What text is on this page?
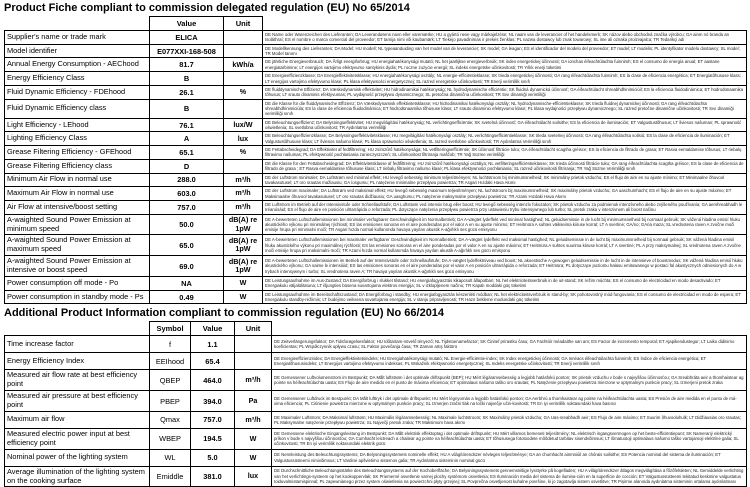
Product Fiche compliant to commission delegated regulation (EU) No 65/2014
	Value	Unit	
Supplier's name or trade mark	ELICA		DE Name oder Warenzeichen des Lieferanten; DA Leverandørens navn eller varemærke; HU a gyártó neve vagy márkajelzése; NL naam van de leverancier of het handelsmerk; SK názov alebo obchodná značka výrobcu; GA ainm nó branda an tsoláthraí; ES el nombre o marca comercial del proveedor; ET tarnija nimi või kaubamärk; LT Tiekėjo pavadinimas ir prekės ženklas; PL nazwa dostawcy lub znak towarowy; SL ime ali oznaka proizvajalca; TR Tedarikçi adı
Model identifier	E077XXI-168-508		DE Modellkennung des Lieferanten; DA Model; HU modell; NL typeaanduiding van het model van de leverancier; SK model; GA leagan; ES el identificador del modelo del proveedor; ET mudel; LT modelis; PL identyfikator modelu dostawcy; SL model; TR Model tanımı
Annual Energy Consumption - AEChood	81.7	kWh/a	DE jährliche Energieverbrauch; DA Årligt energiforbrug; HU energiahatékonysági mutató; NL het jaarlijkse energieverbruik; SK index energetickej účinnosti; GA ionchas éifeachtúlachta fuinnimh; ES el consumo de energía anual; ET aastane energiatarbimine; LT energijos vartojimo efektyvumo santykinis dydis; PL roczne zużycie energii; SL indeks energetske učinkovitosti; TR Yıllık enerji tüketimi
Energy Efficiency Class	B		DE Energieeffizienzklasse; DA Energieffektivitetsklasse; HU energiahatékonysági osztály; NL energie-efficiëntieklasse; SK trieda energetickej účinnosti; GA rang éifeachtúlachta fuinnimh; ES la clase de eficiencia energética; ET Energiatõhususe klass; LT energijos vartojimo efektyvumo klasė; PL klasa efektywności energetycznej; SL razred energetske učinkovitosti; TR Enerji verimlilik sınıfı
Fluid Dynamic Efficiency - FDEhood	26.1	%	DE fluiddynamische Effizienz; DA Væskedynamisk effektivitet; HU hidrodinamikai hatékonyság; NL hydrodynamische efficiëntie; SK fluidná dynamická účinnosť; GA éifeachtúlacht shreabhdhinimiciúil; ES la eficiencia fluidodinámica; ET hüdrodünaamika tõhusus; LT srauto dinaminis efektyvumas; PL wydajność przepływu dynamicznego; SL pretočna dinamična učinkovitost; TR Sıvı dinamiği verimliliği
Fluid Dynamic Efficiency class	B		DE die Klasse für die fluiddynamische Effizienz; DA Væskedynamisk effektivitetsklasse; HU hidrodinamikai hatékonysági osztály; NL hydrodynamische-efficiëntieklasse; SK trieda fluidnej dynamickej účinnosti; GA rang éifeachtúlachta shreabhdhinimiciúla; ES la clase de eficiencia fluidodinámica; ET hüdrodünaamika tõhususe klass; LT srauto dinaminio efektyvumo klasė; PL klasa wydajności przepływu dynamicznego; SL razred pretočne dinamične učinkovitosti; TR Sıvı dinamiği verimliliği sınıfı
Light Efficiency - LEhood	76.1	lux/W	DE Beleuchtungseffizienz; DA Belysningseffektivitet; HU megvilágítási hatékonyság; NL verlichtingsefficiëntie; SK svetelná účinnosť; GA éifeachtúlacht soilsithe; ES la eficiencia de iluminación; ET Valgustustõhusus; LT šviesos našumas; PL sprawność oświetlenia; SL svetlobna učinkovitost; TR Aydınlatma verimliliği
Lighting Efficiency Class	A	lux	DE Beleuchtungseffizienzklasse; DA Belysningseffektivitetsklasse; HU megvilágítási hatékonysági osztály; NL verlichtingsefficiëntieklasse; SK trieda svetelnej účinnosti; GA rang éifeachtúlachta soilsiú; ES la clase de eficiencia de iluminación; ET Valgustustõhususe klass; LT šviesos našumo klasė; PL klasa sprawności oświetlenia; SL razred svetlobne učinkovitosti; TR Aydınlatma Verimliliği sınıfı
Grease Filtering Efficiency - GFEhood	65.1	%	DE Fettabscheidegrad; DA Effektivitet af fedtfiltrering; HU zsírszűrő hatékonysága; NL vetfilteringsefficiëntie; SK účinnosť filtrácie tuku; GA éifeachtúlacht scagtha gréisce; ES la eficiencia de filtrado de grasa; ET Rasva eemaldamise tõhusus; LT riebalų filtravimo našumas; PL efektywność pochłaniania zanieczyszczeń; SL učinkovitost filtriranja maščob; TR Yağ Süzme verimliliği
Grease Filtering Efficiency class	D		DE die Klasse für den Fettabscheidegrad; DA Effektivitetsklasse af fedtfiltrering; HU zsírszűrő hatékonysági osztálya; NL vetfilteringsefficiëntieklasse; SK trieda účinnosti filtrácie tuku; GA rang éifeachtúlachta scagtha gréisce; ES la clase de eficiencia de filtrado de grasa ; ET Rasva eemaldamise tõhususe klass; LT riebalų filtravimo našumo klasė; PL klasa efektywności pochłaniania; SL razred učinkovitosti filtriranja; TR Yağ Süzme Verimliliği sınıfı
Minimum Air Flow in normal use	288.0	m³/h	DE der Luftstrom minimaler; DA Luftstrøm ved minimal effekt; HU levegő sebesség minimum teljesítményen; NL luchtstroom bij minimumsnelheid; SK minimálny prietok vzduchu; ES el flujo de aire en su ajuste mínimo; ET Minimaalne õhuvool tavakasutusel; LT oro srautas mažiausiu; GA íosgumu; PL natężenie minimalne przepływu powietrza; TR Asgari Hızdaki Hava Akımı
Maximum Air Flow in normal use	603.0	m³/h	DE der Luftstrom maximaler; DA Luftstrøm ved maksimal effekt; HU levegő sebesség maximum teljesítményen; NL luchtstroom bij maximumsnelheid; SK maximálny prietok vzduchu; GA uaschumhacht; ES el flujo de aire en su ajuste máximo; ET Maksimaalne õhuvool tavakasutusel; LT oro srautas didžiausiu; GA uasghumu; PL natężenie maksymalne przepływu powietrza; TR Azami Hızdaki Hava Akımı
Air Flow at intensive/boost setting	757.0	m³/h	DE Luftstrom im Betrieb auf der Intensivstufe oder Schnellaufstufe; DA Luftstrøm ved intensiv brug eller boost; HU levegő sebesség intenzív fokozaton; SK prietok vzduchu za podmienok intenzívneho alebo zvýšeného používania; GA aershreabhadh le tréanúsáid; ES el flujo de aire en posición ultrarrápida o reforzada; PL dotyczące natężenia przepływu powietrza przy ustawieniu trybu intensywnego lub turbo; SL pretok zraka v intenzivnem ali boost načinu
A-waighted Sound Power Emission at minimum speed	50.0	dB(A) re 1pW	DE A-bewerteten Luftschallemissionen bei minimaler verfügbarer Geschwindigkeit im Normalbetrieb; DA A-vægtet lydeffekt ved minimal hastighed; NL geluidsemissie in de lucht bij minimumsnelheid bij normaal gebruik; SK vážená hladina emisií hluku akustického výkonu pri minimálnej rýchlosti; ES las emisiones sonoras en el aire ponderadas por el valor A en su ajuste mínimo; ET Heitmüra A suhtes väikseima kiiruse korral; LT A svertinė; GA/no; GAria maza; SL vrednotena raven A zvočne moči emisije hrupa pri minimalni moči; TR Asgari hızda normal kullanımda havaya yayılan akustik A-ağırlıklı ses gücü emisyonu
A-waighted Sound Power Emission at maximum speed	65.0	dB(A) re 1pW	DE A-bewerteten Luftschallemissionen bei maximaler verfügbarer Geschwindigkeit im Normalbetrieb; DA A-vægtet lydeffekt ved maksimal hastighed; NL geluidsemissie in de lucht bij maximumsnelheid bij normaal gebruik; SK vážená hladina emisií hluku akustického výkonu pri maximálnej rýchlosti; ES las emisiones sonoras en el aire ponderadas por el valor A en su ajuste máximo; ET Heitmüra A suhtes suurima kiiruse korral; LT A svertinė; PL A przy maksymalnej; SL vrednotena raven A zvočne moči emisije hrupa pri maksimalni moči; TR Azami hızda normal kullanımda havaya yayılan akustik A-ağırlıklı ses gücü emisyonu
A-waighted Sound Power Emission at intensive or boost speed	69.0	dB(A) re 1pW	DE A-bewerteten Luftschallemissionen im Betrieb auf der Intensivstufe oder Schnellaufstufe; DA A-vægtet lydeffektniveau ved boost; NL akoestische A-gewogen geluidsemissie in de lucht in de intensieve of boostmodus; SK vážená hladina emisií hluku akustického výkonu; GA saime le intensiúid; ES las emisiones sonoras en el aire ponderadas por el valor A en posición ultrarrápida o reforzada; ET Heitmüra; PL dotyczące poziomu hałasu emitowanego w postaci fal akustycznych odniesionych do A w trybach intensywnym i turbo; SL vrednotena raven A; TR havaya yayılan akustik A-ağırlıklı ses gücü emisyonu
Power consumption off mode - Po	NA	W	DE Leistungsaufnahme im Aus-Zustand; DA Energiforbrug i slukket tilstand; HU energiafogyasztás kikapcsolt állapotban; NL het elektriciteitsverbruik in de uit-stand; SK režim múchta; ES el consumo de electricidad en modo desactivado; ET Energiakulu väljalülitatuna; LT išjungties būsena suvartojama elektros energija; SL v izklopljenem načinu; TR Kapalı moddaki güç tüketimi
Power consumption in standby mode - Ps	0.49	W	DE Leistungsaufnahme im Bereitschaftszustand; DA Energiforbrug i standby; HU energiafogyasztás készenléti módban; NL het elektriciteitsverbruik in stand-by; SK pohotovostný mód fungovania; ES el consumo de electricidad en modo de espera; ET Energiakulu standby-režiimis; LT budėjimo veiksena suvartojama energija; SL v stanju pripravljenosti; TR Hazır bekleme modundaki güç tüketimi
Additional Product Information compliant to commission regulation (EU) No 66/2014
	Symbol	Value	Unit	
Time increase factor	f	1.1		DE Zeitverlängerungsfaktor; DA Tidsforøgelsesfaktor; HU Időtartam-növelő tényező; NL Tijdstoenamefactor; SK Činiteľ prirastku času; GA Fachtóir méadaithe san am; ES Factor de incremento temporal; ET Ajapikendustegur; LT Laiko didinimo koeficientas; PL Współczynnik upływu czasu; SL Faktor povečanja časa; TR Zaman artış faktörü
Energy Efficiency Index	EEIhood	65.4		DE Energieeffizienzindex; DA Energieffektivitetsindeks; HU Energiahatékonysági mutató; NL Energie-efficiëntie-index; SK Index energetickej účinnosti; GA Innéacs éifeachtúlachta fuinnimh; ES Índice de eficiencia energética; ET Energiatõhususindeks; LT Energijos vartojimo efektyvumo indeksas; PL Wskaźnik efektywności energetycznej; SL Indeks energetske učinkovitosti; TR Enerji verimlilik sınıfı
Measured air flow rate at best efficiency point	QBEP	464.0	m³/h	DE Gemessener Luftvolumenstrom im Bestpunkt; DA Målt luftstrøm i det optimale driftspunkt (BEP); HU Mért légáramsebesség a legjobb hatásfokú ponton; SK prietok vzduchu v bode s najvyššou účinnosťou; GA Sreabhráta aeir a thomhaistear ag pointe na héifeachtúlachta uasta; ES Flujo de aire medido en el punto de máxima eficiencia; ET optimalaus našumo taško oro srautas; PL Natężenie przepływu powietrza mierzone w optymalnym punkcie pracy; SL Izmerjeni pretok zraka
Measured air pressure at best efficiency point	PBEP	394.0	Pa	DE Gemessener Luftdruck im Bestpunkt; DA Målt lufttryk i det optimale driftspunkt; HU Mért légnyomás a legjobb hatásfokú ponton; GA Aerbhrú a thomhaistear ag pointe na héifeachtúlachta uasta; ES Presión de aire medida en el punto de má-xima eficiencia; PL Ciśnienie powietrza mierzone w optymalnym punkcie pracy; SL Izmerjen zračni tlak na točki največje učin-kovitosti; TR En iyi verimlilik noktasındaki hava basıncı
Maximum air flow	Qmax	757.0	m³/h	DE Maximaler Luftstrom; DA Maksimal luftstrøm; HU Maximális légáramsebesség; NL Maximale luchtstroom; SK Maximálny prietok vzduchu; GA Uas-sreabhadh aeir; ES Flujo de aire máximo; ET Suurim õhuvooluhulk; LT Didžiausias oro srautas; PL Maksymalne natężenie przepływu powietrza; SL Največji pretok zraka; TR Maksimum hava akımı
Measured electric power input at best efficiency point	WBEP	194.5	W	DE Gemessene elektrische Eingangsleistung im Bestpunkt; DA Målt elektrisk effektoptag i det optimale driftspunkt; HU Mért villamos bemeneti teljesítmény; NL elektrisch ingangsvermogen op het beste-efficiëntiepunt; SK Nameraný elektrický príkon v bode s najvyššou účinnosťou; GA Cumhacht leictreach a chaitear ag pointe na héifeachtúlachta uasta; ET tõhususega fototoodete mõõdetud tarbitav sisendvõimsus; LT išmatuotoji optimalaus našumo taško vartojamoji elektrinė galia; SL učinkovitosti; TR En iyi verimlilik noktasındaki elektrik gücü
Nominal power of the lighting system	WL	5.0	W	DE Nennleistung des Beleuchtungssystems; DA Belysningssystemets nominelle effekt; HU A világítórendszer névleges teljesítménye; GA an chumhacht ainmniúil an chórais soilsithe; ES Potencia nominal del sistema de iluminación; ET Valgustussüsteemi nimivõimsus; LT Vardinė apšvietimo sistemos galia; TR Aydınlatma sisteminin nominal gücü
Average illumination of the lighting system on the cooking surface	Emiddle	381.0	lux	DE Durchschnittliche Beleuchtungsstärke des Beleuchtungssystems auf der Kochoberfläche; DA Belysningssystemets gennemsnitlige lysstyrke på kogefladen; HU A világítórendszer átlagos megvilágítása a főzőfelületen; NL Gemiddelde verlichting van het verlichtings-systeem op het kookoppervlak; SK Priemerné osvetlenie varnej plochy systémom osvetlenia; ES Iluminación media del sistema de ilumina-ción en la superficie de cocción; ET Valgustussüsteemi tekitatud keskmine valgustatus toiduvalmistamispinnal; PL zapewnianego przez system oświetlenia na powierzchni płyty grzejnej; SL Povprečna osvetljenost kuhalne površine, ki jo zagotavlja sistem osvetlitve; TR Pişirme alanında aydınlatma sisteminin ortalama aydınlatması
